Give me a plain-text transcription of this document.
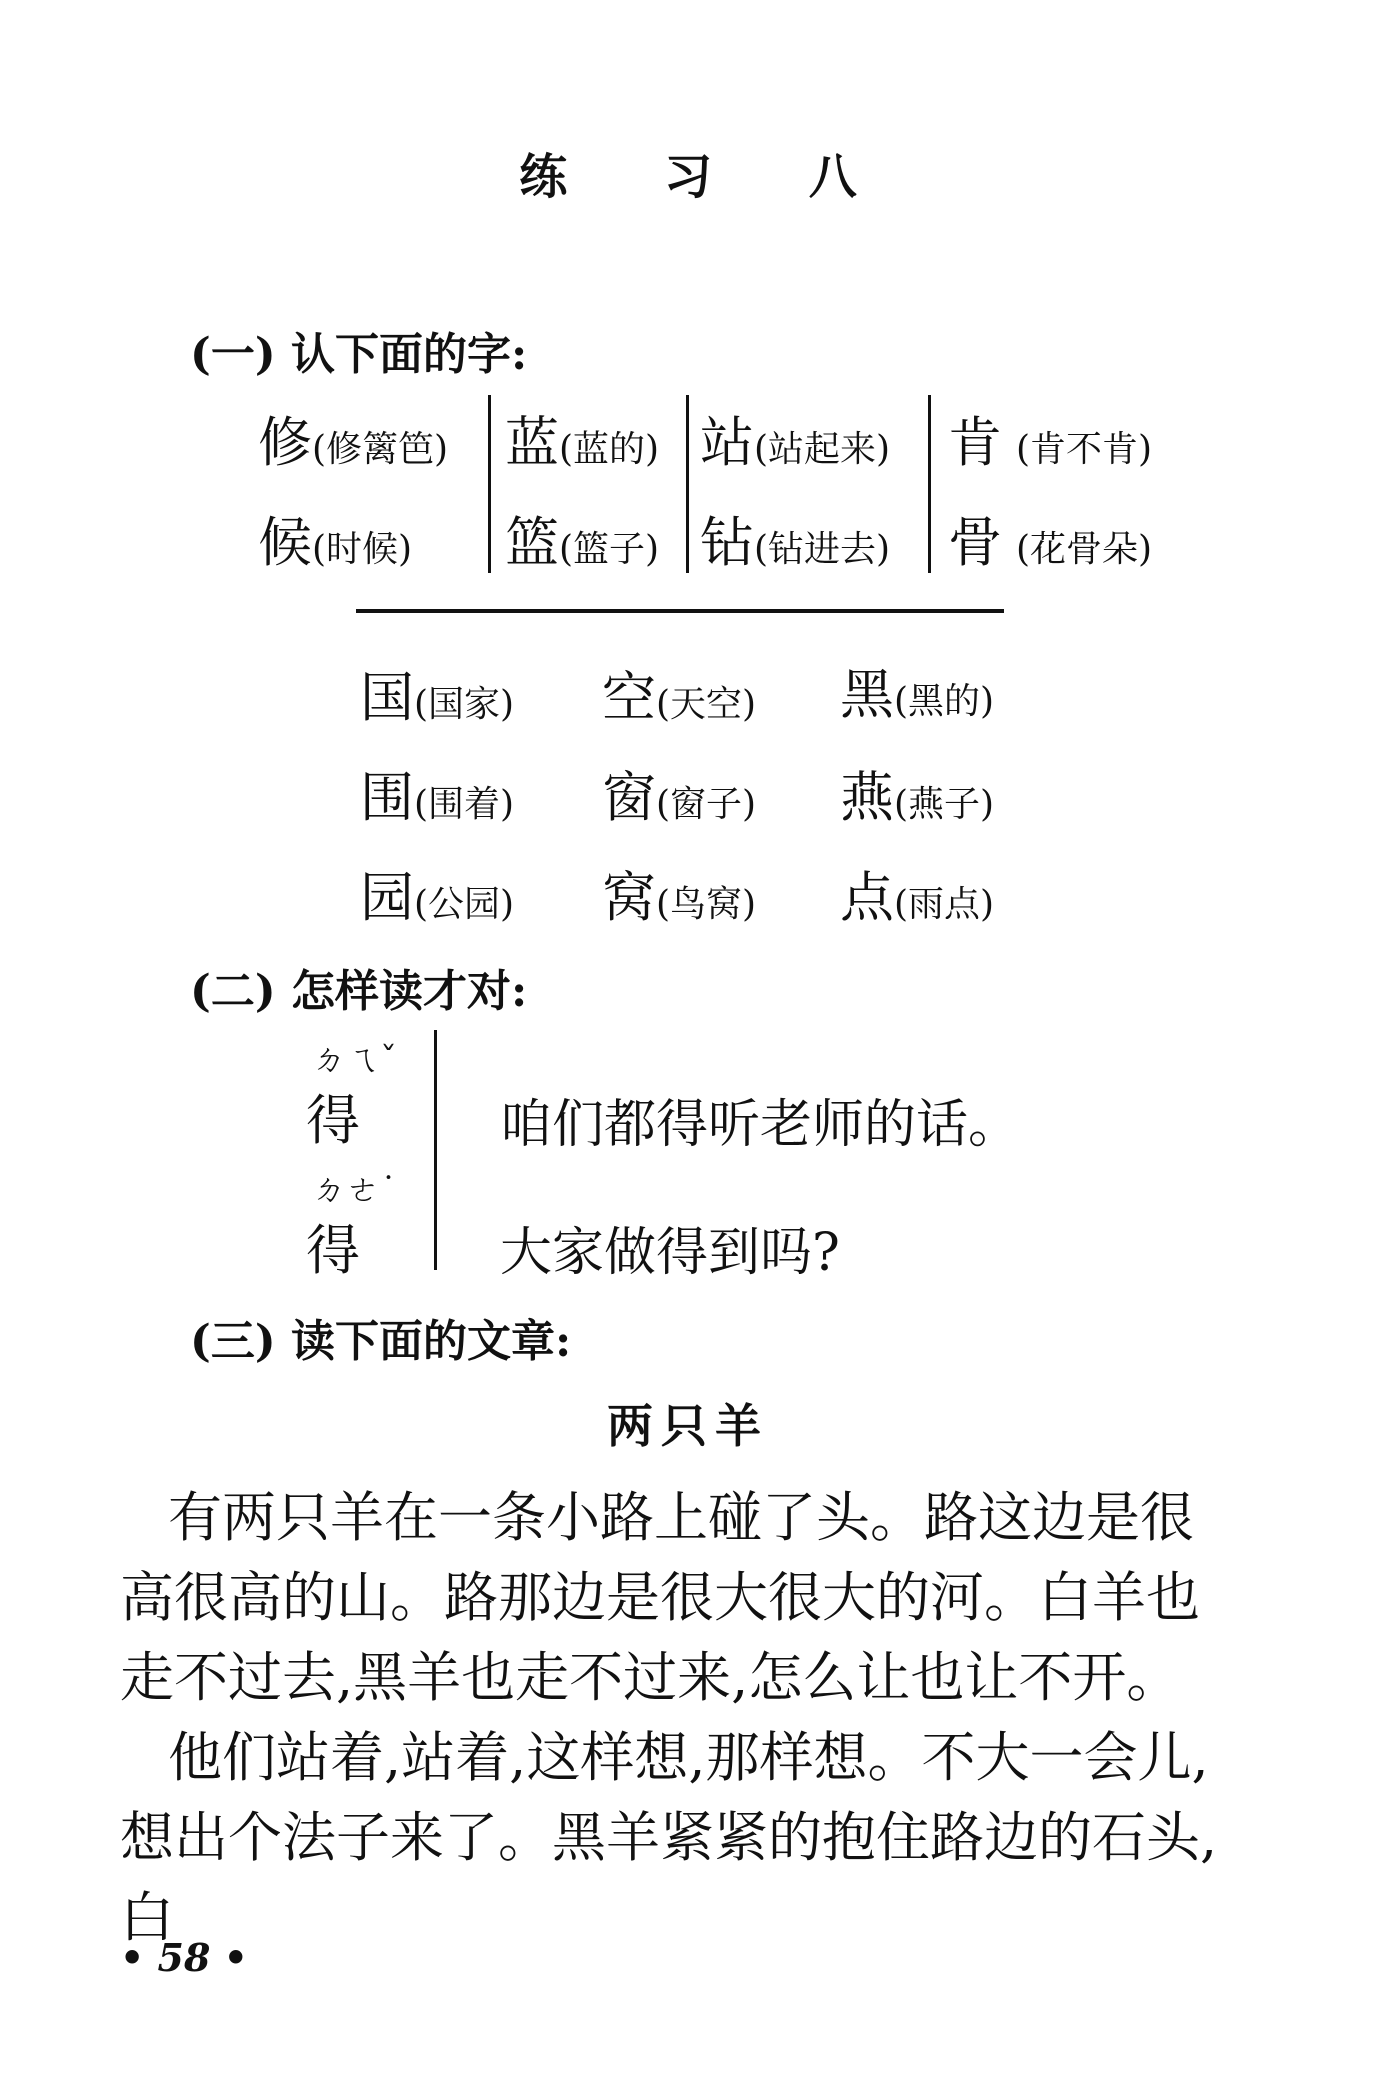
练 习 八
(一) 认下面的字:
修(修篱笆)
候(时候)
蓝(蓝的)
篮(篮子)
站(站起来)
钻(钻进去)
肯 (肯不肯)
骨 (花骨朵)
国(国家) 空(天空) 黑(黑的)
围(围着) 窗(窗子) 燕(燕子)
园(公园) 窝(鸟窝) 点(雨点)
(二) 怎样读才对:
ㄉㄟˇ
得
ㄉㄜ˙
得
咱们都得听老师的话。
大家做得到吗?
(三) 读下面的文章:
两只羊

有两只羊在一条小路上碰了头。路这边是很高很高的山。路那边是很大很大的河。白羊也走不过去,黑羊也走不过来,怎么让也让不开。

他们站着,站着,这样想,那样想。不大一会儿,想出个法子来了。黑羊紧紧的抱住路边的石头,白

• 58 •
